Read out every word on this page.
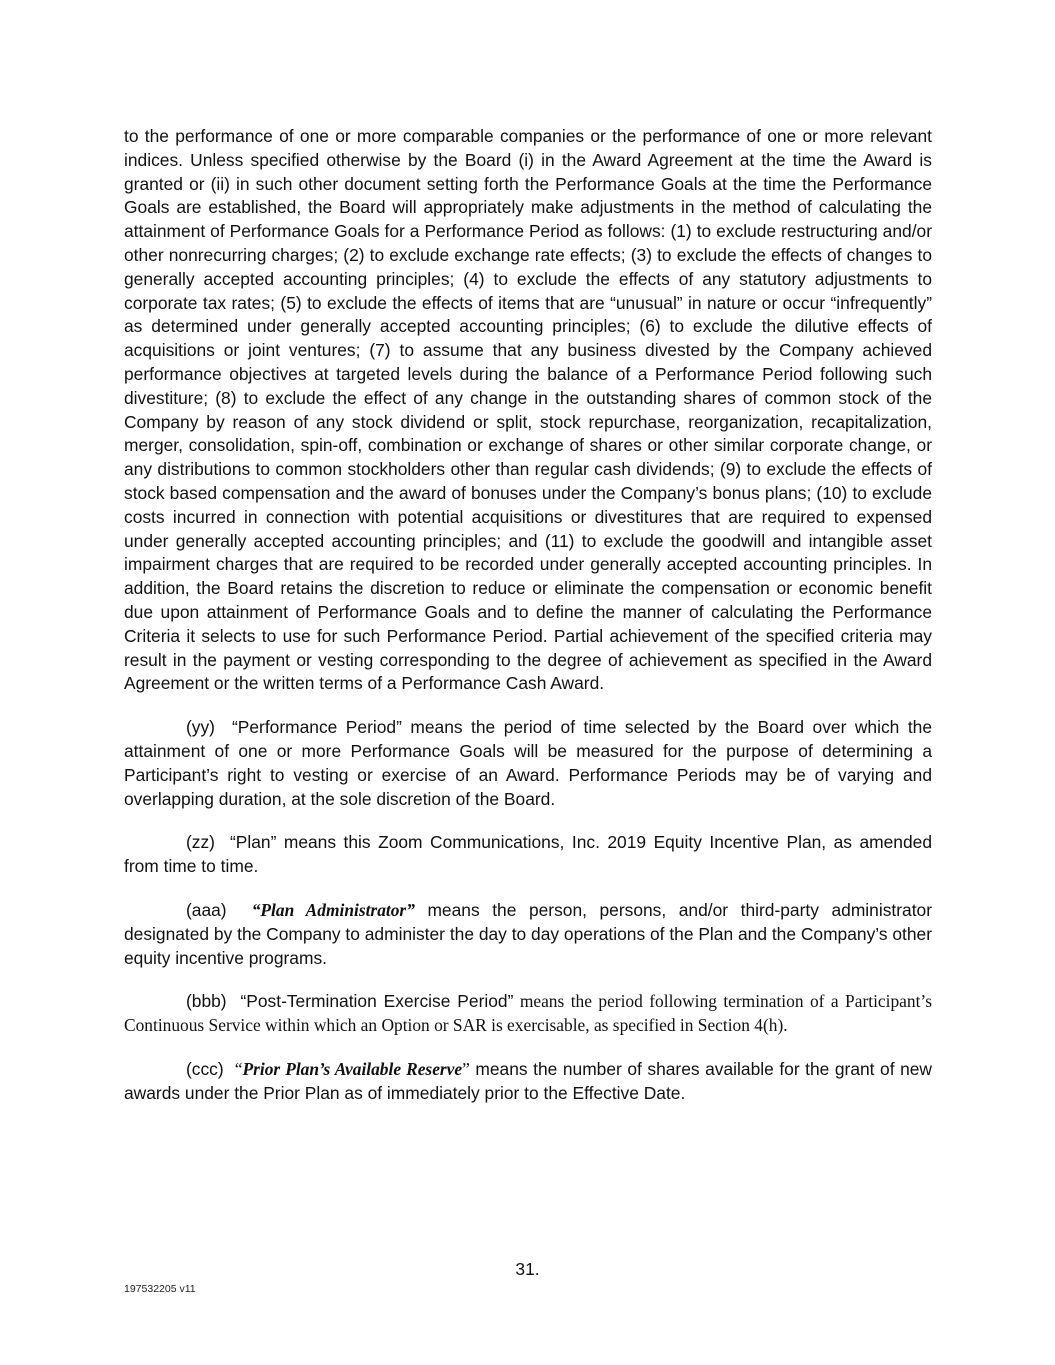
to the performance of one or more comparable companies or the performance of one or more relevant indices. Unless specified otherwise by the Board (i) in the Award Agreement at the time the Award is granted or (ii) in such other document setting forth the Performance Goals at the time the Performance Goals are established, the Board will appropriately make adjustments in the method of calculating the attainment of Performance Goals for a Performance Period as follows: (1) to exclude restructuring and/or other nonrecurring charges; (2) to exclude exchange rate effects; (3) to exclude the effects of changes to generally accepted accounting principles; (4) to exclude the effects of any statutory adjustments to corporate tax rates; (5) to exclude the effects of items that are “unusual” in nature or occur “infrequently” as determined under generally accepted accounting principles; (6) to exclude the dilutive effects of acquisitions or joint ventures; (7) to assume that any business divested by the Company achieved performance objectives at targeted levels during the balance of a Performance Period following such divestiture; (8) to exclude the effect of any change in the outstanding shares of common stock of the Company by reason of any stock dividend or split, stock repurchase, reorganization, recapitalization, merger, consolidation, spin-off, combination or exchange of shares or other similar corporate change, or any distributions to common stockholders other than regular cash dividends; (9) to exclude the effects of stock based compensation and the award of bonuses under the Company’s bonus plans; (10) to exclude costs incurred in connection with potential acquisitions or divestitures that are required to expensed under generally accepted accounting principles; and (11) to exclude the goodwill and intangible asset impairment charges that are required to be recorded under generally accepted accounting principles. In addition, the Board retains the discretion to reduce or eliminate the compensation or economic benefit due upon attainment of Performance Goals and to define the manner of calculating the Performance Criteria it selects to use for such Performance Period. Partial achievement of the specified criteria may result in the payment or vesting corresponding to the degree of achievement as specified in the Award Agreement or the written terms of a Performance Cash Award.

(yy) “Performance Period” means the period of time selected by the Board over which the attainment of one or more Performance Goals will be measured for the purpose of determining a Participant’s right to vesting or exercise of an Award. Performance Periods may be of varying and overlapping duration, at the sole discretion of the Board.

(zz) “Plan” means this Zoom Communications, Inc. 2019 Equity Incentive Plan, as amended from time to time.

(aaa) “Plan Administrator” means the person, persons, and/or third-party administrator designated by the Company to administer the day to day operations of the Plan and the Company’s other equity incentive programs.

(bbb) “Post-Termination Exercise Period” means the period following termination of a Participant’s Continuous Service within which an Option or SAR is exercisable, as specified in Section 4(h).

(ccc) “Prior Plan’s Available Reserve” means the number of shares available for the grant of new awards under the Prior Plan as of immediately prior to the Effective Date.

31.
197532205 v11
